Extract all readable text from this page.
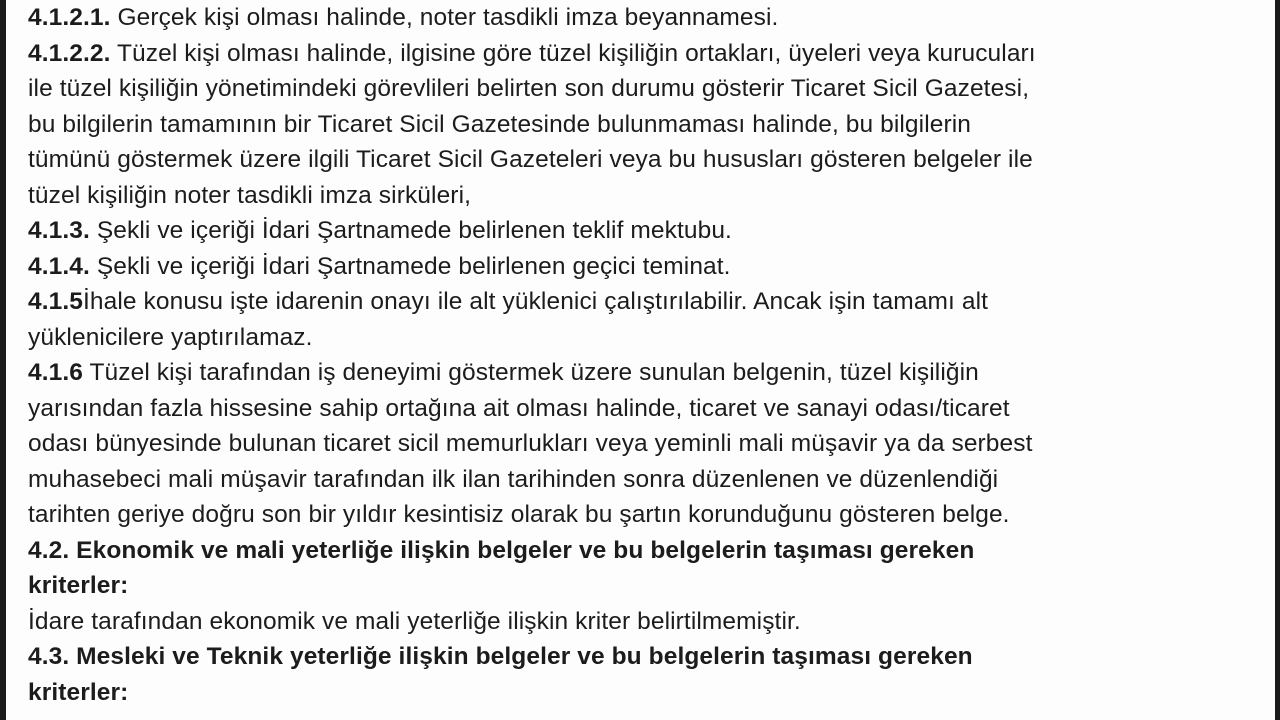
4.1.2.1. Gerçek kişi olması halinde, noter tasdikli imza beyannamesi.
4.1.2.2. Tüzel kişi olması halinde, ilgisine göre tüzel kişiliğin ortakları, üyeleri veya kurucuları
ile tüzel kişiliğin yönetimindeki görevlileri belirten son durumu gösterir Ticaret Sicil Gazetesi,
bu bilgilerin tamamının bir Ticaret Sicil Gazetesinde bulunmaması halinde, bu bilgilerin
tümünü göstermek üzere ilgili Ticaret Sicil Gazeteleri veya bu hususları gösteren belgeler ile
tüzel kişiliğin noter tasdikli imza sirküleri,
4.1.3. Şekli ve içeriği İdari Şartnamede belirlenen teklif mektubu.
4.1.4. Şekli ve içeriği İdari Şartnamede belirlenen geçici teminat.
4.1.5İhale konusu işte idarenin onayı ile alt yüklenici çalıştırılabilir. Ancak işin tamamı alt
yüklenicilere yaptırılamaz.
4.1.6 Tüzel kişi tarafından iş deneyimi göstermek üzere sunulan belgenin, tüzel kişiliğin
yarısından fazla hissesine sahip ortağına ait olması halinde, ticaret ve sanayi odası/ticaret
odası bünyesinde bulunan ticaret sicil memurlukları veya yeminli mali müşavir ya da serbest
muhasebeci mali müşavir tarafından ilk ilan tarihinden sonra düzenlenen ve düzenlendiği
tarihten geriye doğru son bir yıldır kesintisiz olarak bu şartın korunduğunu gösteren belge.
4.2. Ekonomik ve mali yeterliğe ilişkin belgeler ve bu belgelerin taşıması gereken
kriterler:
İdare tarafından ekonomik ve mali yeterliğe ilişkin kriter belirtilmemiştir.
4.3. Mesleki ve Teknik yeterliğe ilişkin belgeler ve bu belgelerin taşıması gereken
kriterler:
